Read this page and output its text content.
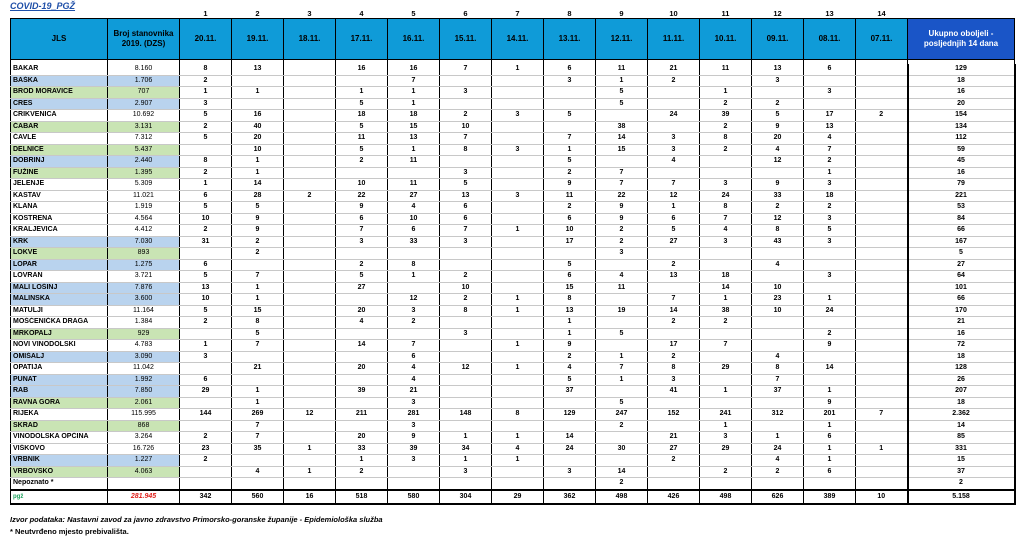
COVID-19_PGŽ
		1	2	3	4	5	6	7	8	9	10	11	12	13	14	
JLS	Broj stanovnika 2019. (DZS)	20.11.	19.11.	18.11.	17.11.	16.11.	15.11.	14.11.	13.11.	12.11.	11.11.	10.11.	09.11.	08.11.	07.11.	Ukupno oboljeli - posljednjih 14 dana

BAKAR	8.160	8	13		16	16	7	1	6	11	21	11	13	6		129
BAŠKA	1.706	2				7			3	1	2		3			18
BROD MORAVICE	707	1	1		1	1	3			5		1		3		16
CRES	2.907	3			5	1				5		2	2			20
CRIKVENICA	10.692	5	16		18	18	2	3	5		24	39	5	17	2	154
ČABAR	3.131	2	40		5	15	10			38		2	9	13		134
ČAVLE	7.312	5	20		11	13	7		7	14	3	8	20	4		112
DELNICE	5.437		10		5	1	8	3	1	15	3	2	4	7		59
DOBRINJ	2.440	8	1		2	11			5		4		12	2		45
FUŽINE	1.395	2	1				3		2	7				1		16
JELENJE	5.309	1	14		10	11	5		9	7	7	3	9	3		79
KASTAV	11.021	6	28	2	22	27	13	3	11	22	12	24	33	18		221
KLANA	1.919	5	5		9	4	6		2	9	1	8	2	2		53
KOSTRENA	4.564	10	9		6	10	6		6	9	6	7	12	3		84
KRALJEVICA	4.412	2	9		7	6	7	1	10	2	5	4	8	5		66
KRK	7.030	31	2		3	33	3		17	2	27	3	43	3		167
LOKVE	893		2							3						5
LOPAR	1.275	6			2	8			5		2		4			27
LOVRAN	3.721	5	7		5	1	2		6	4	13	18		3		64
MALI LOŠINJ	7.876	13	1		27		10		15	11		14	10			101
MALINSKA	3.600	10	1			12	2	1	8		7	1	23	1		66
MATULJI	11.164	5	15		20	3	8	1	13	19	14	38	10	24		170
MOŠĆENIČKA DRAGA	1.384	2	8		4	2			1		2	2				21
MRKOPALJ	929		5				3		1	5				2		16
NOVI VINODOLSKI	4.783	1	7		14	7		1	9		17	7		9		72
OMIŠALJ	3.090	3				6			2	1	2		4			18
OPATIJA	11.042		21		20	4	12	1	4	7	8	29	8	14		128
PUNAT	1.992	6				4			5	1	3		7			26
RAB	7.850	29	1		39	21			37		41	1	37	1		207
RAVNA GORA	2.061		1			3				5				9		18
RIJEKA	115.995	144	269	12	211	281	148	8	129	247	152	241	312	201	7	2.362
SKRAD	868		7			3				2		1		1		14
VINODOLSKA OPĆINA	3.264	2	7		20	9	1	1	14		21	3	1	6		85
VIŠKOVO	16.726	23	35	1	33	39	34	4	24	30	27	29	24	1	1	331
VRBNIK	1.227	2			1	3	1	1			2		4	1		15
VRBOVSKO	4.063		4	1	2		3		3	14		2	2	6		37
Nepoznato *										2						2
pgž	281.945	342	560	16	518	580	304	29	362	498	426	498	626	389	10	5.158
Izvor podataka: Nastavni zavod za javno zdravstvo Primorsko-goranske županije - Epidemiološka služba
* Neutvrđeno mjesto prebivališta.
